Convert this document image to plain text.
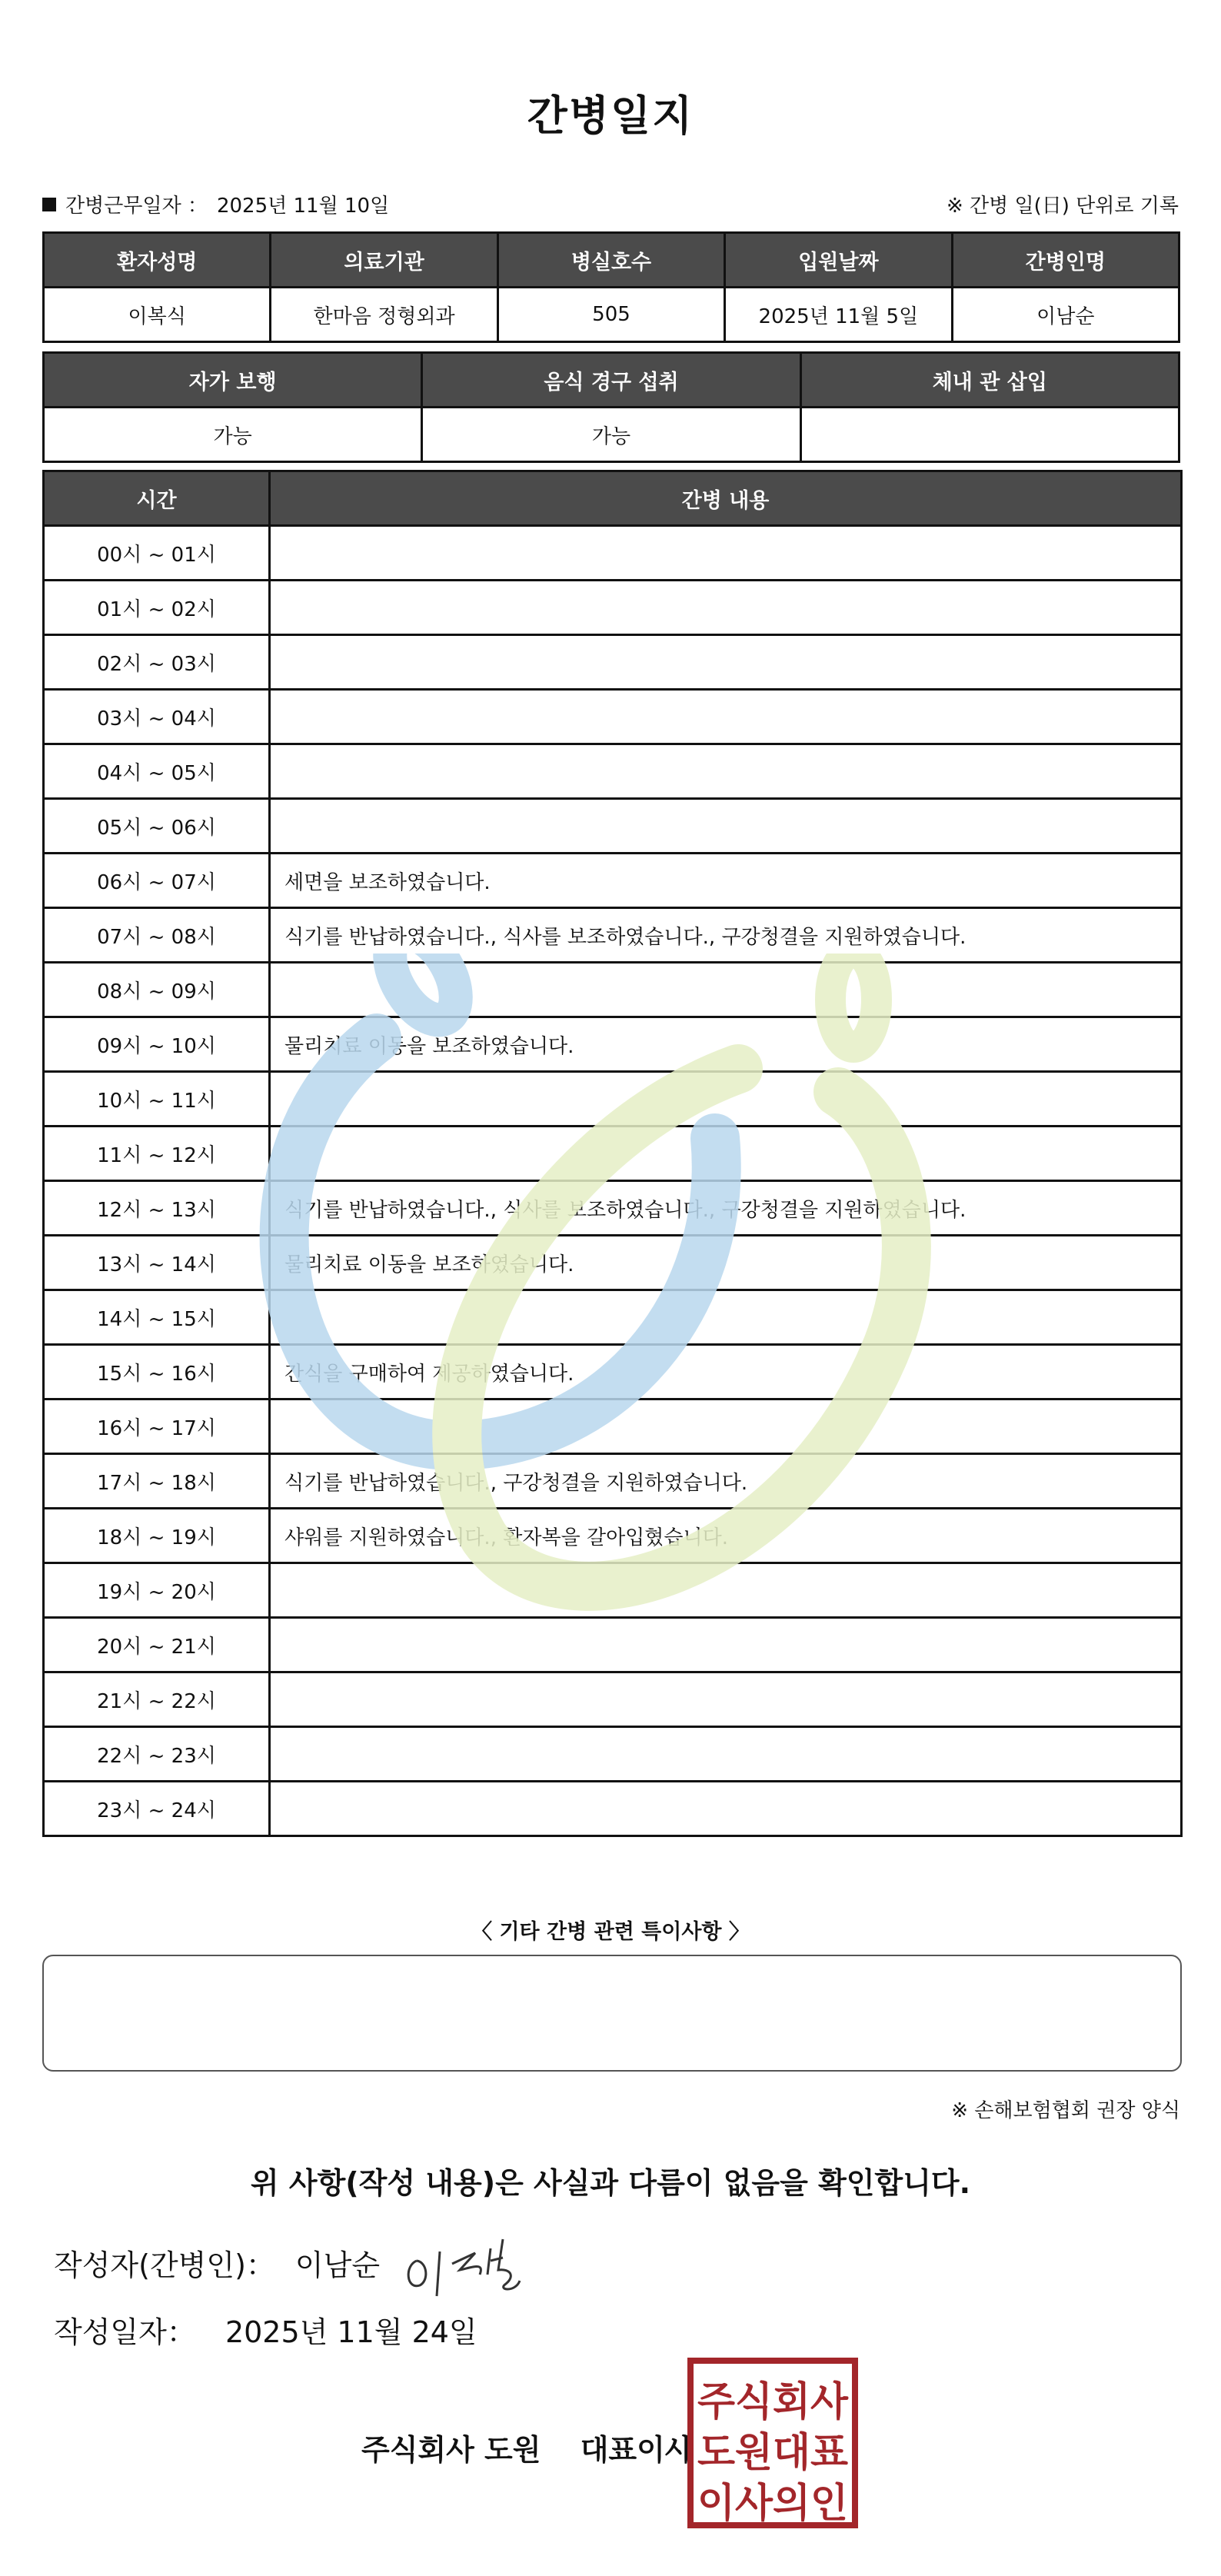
간병일지
간병근무일자 ： 2025년 11월 10일	※ 간병 일(日) 단위로 기록
환자성명	의료기관	병실호수	입원날짜	간병인명
이복식	한마음 정형외과	505	2025년 11월 5일	이남순
자가 보행	음식 경구 섭취	체내 관 삽입
가능	가능	
시간	간병 내용
00시 ~ 01시	
01시 ~ 02시	
02시 ~ 03시	
03시 ~ 04시	
04시 ~ 05시	
05시 ~ 06시	
06시 ~ 07시	세면을 보조하였습니다.
07시 ~ 08시	식기를 반납하였습니다., 식사를 보조하였습니다., 구강청결을 지원하였습니다.
08시 ~ 09시	
09시 ~ 10시	물리치료 이동을 보조하였습니다.
10시 ~ 11시	
11시 ~ 12시	
12시 ~ 13시	식기를 반납하였습니다., 식사를 보조하였습니다., 구강청결을 지원하였습니다.
13시 ~ 14시	물리치료 이동을 보조하였습니다.
14시 ~ 15시	
15시 ~ 16시	간식을 구매하여 제공하였습니다.
16시 ~ 17시	
17시 ~ 18시	식기를 반납하였습니다., 구강청결을 지원하였습니다.
18시 ~ 19시	샤워를 지원하였습니다., 환자복을 갈아입혔습니다.
19시 ~ 20시	
20시 ~ 21시	
21시 ~ 22시	
22시 ~ 23시	
23시 ~ 24시	
〈 기타 간병 관련 특이사항 〉
※ 손해보험협회 권장 양식
위 사항(작성 내용)은 사실과 다름이 없음을 확인합니다.
작성자(간병인)： 이남순
작성일자： 2025년 11월 24일
주식회사 도원 대표이사
주식회사
도원대표
이사의인
